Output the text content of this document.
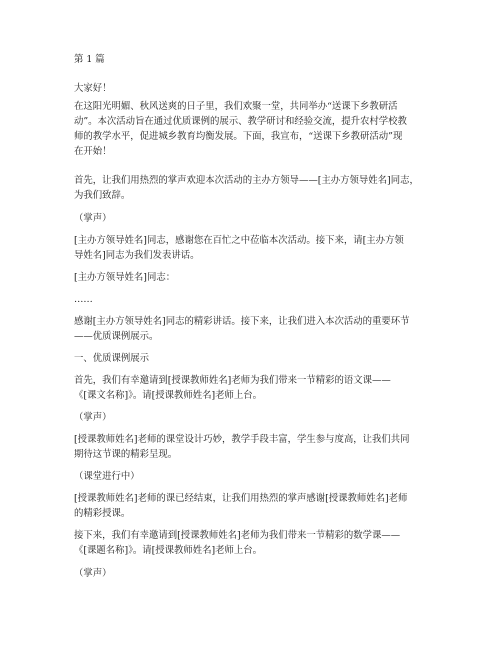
第 1 篇

大家好！

在这阳光明媚、秋风送爽的日子里，我们欢聚一堂，共同举办“送课下乡教研活
动”。本次活动旨在通过优质课例的展示、教学研讨和经验交流，提升农村学校教
师的教学水平，促进城乡教育均衡发展。下面，我宣布，“送课下乡教研活动”现
在开始！

首先，让我们用热烈的掌声欢迎本次活动的主办方领导——[主办方领导姓名]同志，
为我们致辞。

（掌声）

[主办方领导姓名]同志，感谢您在百忙之中莅临本次活动。接下来，请[主办方领
导姓名]同志为我们发表讲话。

[主办方领导姓名]同志：

……

感谢[主办方领导姓名]同志的精彩讲话。接下来，让我们进入本次活动的重要环节
——优质课例展示。

一、优质课例展示

首先，我们有幸邀请到[授课教师姓名]老师为我们带来一节精彩的语文课——
《[课文名称]》。请[授课教师姓名]老师上台。

（掌声）

[授课教师姓名]老师的课堂设计巧妙，教学手段丰富，学生参与度高，让我们共同
期待这节课的精彩呈现。

（课堂进行中）

[授课教师姓名]老师的课已经结束，让我们用热烈的掌声感谢[授课教师姓名]老师
的精彩授课。

接下来，我们有幸邀请到[授课教师姓名]老师为我们带来一节精彩的数学课——
《[课题名称]》。请[授课教师姓名]老师上台。

（掌声）
